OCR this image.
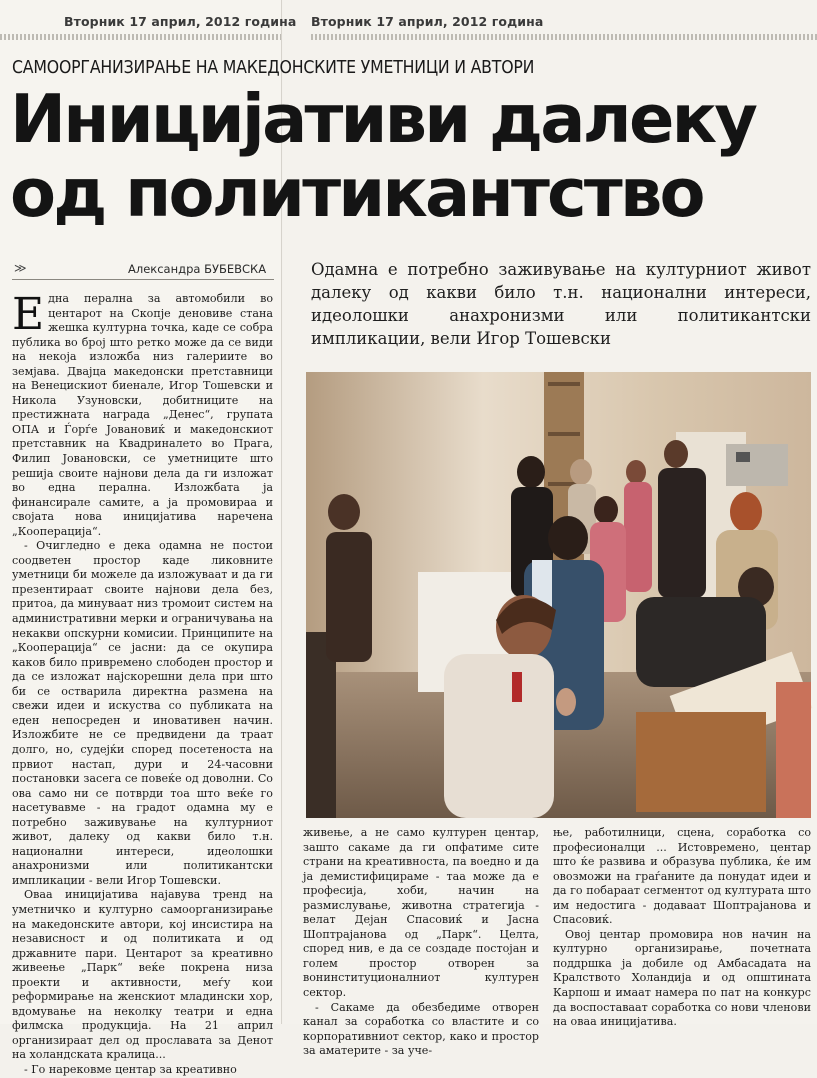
Вторник 17 април, 2012 година Вторник 17 април, 2012 година
САМООРГАНИЗИРАЊЕ НА МАКЕДОНСКИТЕ УМЕТНИЦИ И АВТОРИ
Иницијативи далеку
од политикантство
≫	Александра БУБЕВСКА	Одамна е потребно заживување на културниот живот далеку од какви било т.н. национални интереси, идеолошки анахронизми или политикантски импликации, вели Игор Тошевски

Една перална за автомобили во центарот на Скопје деновиве стана жешка културна точка, каде се собра публика во број што ретко може да се види на некоја изложба низ галериите во земјава. Двајца македонски претставници на Венецискиот биенале, Игор Тошевски и Никола Узуновски, добитниците на престижната награда „Денес“, групата ОПА и Ѓорѓе Јовановиќ и македонскиот претставник на Квадриналето во Прага, Филип Јовановски, се уметниците што решија своите најнови дела да ги изложат во една перална. Изложбата ја финансирале самите, а ја промовираа и својата нова иницијатива наречена „Кооперација“.

- Очигледно е дека одамна не постои соодветен простор каде ликовните уметници би можеле да изложуваат и да ги презентираат своите најнови дела без, притоа, да минуваат низ тромоит систем на административни мерки и ограничувања на некакви опскурни комисии. Принципите на „Кооперација“ се јасни: да се окупира каков било привремено слободен простор и да се изложат најскорешни дела при што би се остварила директна размена на свежи идеи и искуства со публиката на еден непосреден и иновативен начин. Изложбите не се предвидени да траат долго, но, судејќи според посетеноста на првиот настап, дури и 24-часовни постановки засега се повеќе од доволни. Со ова само ни се потврди тоа што веќе го насетувавме - на градот одамна му е потребно заживување на културниот живот, далеку од какви било т.н. национални интереси, идеолошки анахронизми или политикантски импликации - вели Игор Тошевски.

Оваа иницијатива најавува тренд на уметничко и културно самоорганизирање на македонските автори, кој инсистира на независност и од политиката и од државните пари. Центарот за креативно живеење „Парк“ веќе покрена низа проекти и активности, меѓу кои реформирање на женскиот младински хор, вдомување на неколку театри и една филмска продукција. На 21 април организираат дел од прославата за Денот на холандската кралица...

- Го нарековме центар за креативно

живење, а не само културен центар, зашто сакаме да ги опфатиме сите страни на креативноста, па воедно и да ја демистифицираме - таа може да е професија, хоби, начин на размислување, животна стратегија - велат Дејан Спасовиќ и Јасна Шоптрајанова од „Парк“. Целта, според нив, е да се создаде постојан и голем простор отворен за вонинституционалниот културен сектор.

- Сакаме да обезбедиме отворен канал за соработка со властите и со корпоративниот сектор, како и простор за аматерите - за уче-

ње, работилници, сцена, соработка со професионалци ... Истовремено, центар што ќе развива и образува публика, ќе им овозможи на граѓаните да понудат идеи и да го побараат сегментот од културата што им недостига - додаваат Шоптрајанова и Спасовиќ.

Овој центар промовира нов начин на културно организирање, почетната поддршка ја добиле од Амбасадата на Кралството Холандија и од општината Карпош и имаат намера по пат на конкурс да воспоставаат соработка со нови членови на оваа иницијатива.
